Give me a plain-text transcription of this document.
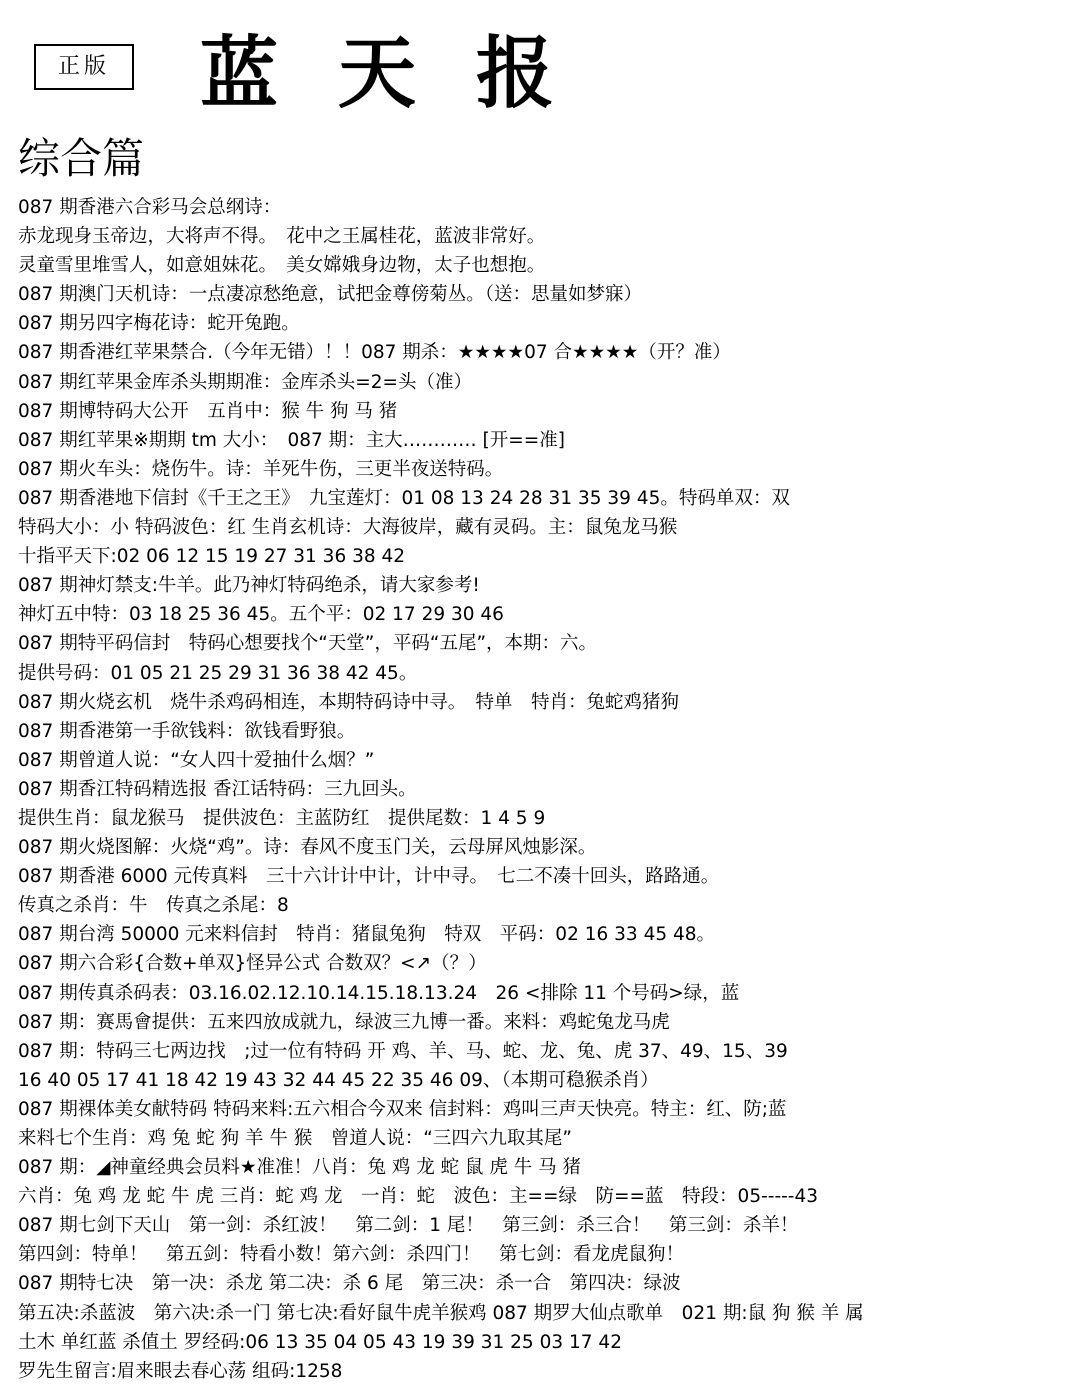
正版	蓝天报
综合篇
087 期香港六合彩马会总纲诗：
赤龙现身玉帝边，大将声不得。　花中之王属桂花，蓝波非常好。
灵童雪里堆雪人，如意姐妹花。　美女嫦娥身边物，太子也想抱。
087 期澳门天机诗：一点凄凉愁绝意，试把金尊傍菊丛。（送：思量如梦寐）
087 期另四字梅花诗：蛇开兔跑。
087 期香港红苹果禁合.（今年无错）！！087 期杀：★★★★07 合★★★★（开？准）
087 期红苹果金库杀头期期准：金库杀头=2=头（准）
087 期博特码大公开　五肖中：猴 牛 狗 马 猪
087 期红苹果※期期 tm 大小：　087 期：主大………… [开==准]
087 期火车头：烧伤牛。诗：羊死牛伤，三更半夜送特码。
087 期香港地下信封《千王之王》　九宝莲灯：01 08 13 24 28 31 35 39 45。特码单双：双
特码大小：小 特码波色：红 生肖玄机诗：大海彼岸，藏有灵码。主：鼠兔龙马猴
十指平天下:02 06 12 15 19 27 31 36 38 42
087 期神灯禁支:牛羊。此乃神灯特码绝杀，请大家参考!
神灯五中特：03 18 25 36 45。五个平：02 17 29 30 46
087 期特平码信封　特码心想要找个“天堂”，平码“五尾”，本期：六。
提供号码：01 05 21 25 29 31 36 38 42 45。
087 期火烧玄机　烧牛杀鸡码相连，本期特码诗中寻。　特单　特肖：兔蛇鸡猪狗
087 期香港第一手欲钱料：欲钱看野狼。
087 期曾道人说：“女人四十爱抽什么烟？”
087 期香江特码精选报 香江话特码：三九回头。
提供生肖：鼠龙猴马　提供波色：主蓝防红　提供尾数：1 4 5 9
087 期火烧图解：火烧“鸡”。诗：春风不度玉门关，云母屏风烛影深。
087 期香港 6000 元传真料　三十六计计中计，计中寻。　七二不凑十回头，路路通。
传真之杀肖：牛　传真之杀尾：8
087 期台湾 50000 元来料信封　特肖：猪鼠兔狗　特双　平码：02 16 33 45 48。
087 期六合彩{合数+单双}怪异公式 合数双？<↗（？）
087 期传真杀码表：03.16.02.12.10.14.15.18.13.24　26 <排除 11 个号码>绿，蓝
087 期：赛馬會提供：五来四放成就九，绿波三九博一番。来料：鸡蛇兔龙马虎
087 期：特码三七两边找　;过一位有特码 开 鸡、羊、马、蛇、龙、兔、虎 37、49、15、39
16 40 05 17 41 18 42 19 43 32 44 45 22 35 46 09、（本期可稳猴杀肖）
087 期裸体美女献特码 特码来料:五六相合今双来 信封料：鸡叫三声天快亮。特主：红、防;蓝
来料七个生肖：鸡 兔 蛇 狗 羊 牛 猴　曾道人说：“三四六九取其尾”
087 期：◢神童经典会员料★准准！八肖：兔 鸡 龙 蛇 鼠 虎 牛 马 猪
六肖：兔 鸡 龙 蛇 牛 虎 三肖：蛇 鸡 龙　一肖：蛇　波色：主==绿　防==蓝　特段：05-----43
087 期七剑下天山　第一剑：杀红波！　第二剑：1 尾！　第三剑：杀三合！　第三剑：杀羊！
第四剑：特单！　第五剑：特看小数！第六剑：杀四门！　第七剑：看龙虎鼠狗！
087 期特七决　第一决：杀龙 第二决：杀 6 尾　第三决：杀一合　第四决：绿波
第五决:杀蓝波　第六决:杀一门 第七决:看好鼠牛虎羊猴鸡 087 期罗大仙点歌单　021 期:鼠 狗 猴 羊 属
土木 单红蓝 杀值土 罗经码:06 13 35 04 05 43 19 39 31 25 03 17 42
罗先生留言:眉来眼去春心荡 组码:1258
